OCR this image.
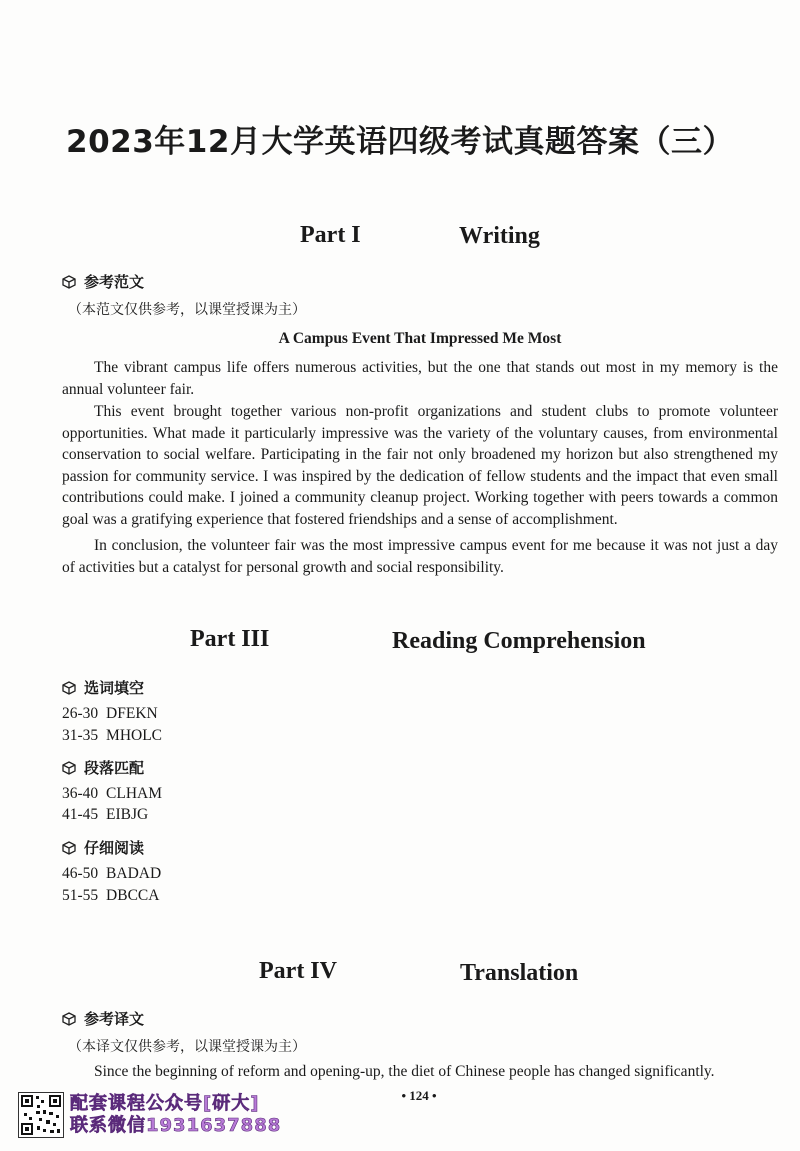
2023年12月大学英语四级考试真题答案（三）
Part I	Writing
参考范文
（本范文仅供参考，以课堂授课为主）
A Campus Event That Impressed Me Most
The vibrant campus life offers numerous activities, but the one that stands out most in my memory is the annual volunteer fair.
This event brought together various non-profit organizations and student clubs to promote volunteer opportunities. What made it particularly impressive was the variety of the voluntary causes, from environmental conservation to social welfare. Participating in the fair not only broadened my horizon but also strengthened my passion for community service. I was inspired by the dedication of fellow students and the impact that even small contributions could make. I joined a community cleanup project. Working together with peers towards a common goal was a gratifying experience that fostered friendships and a sense of accomplishment.
In conclusion, the volunteer fair was the most impressive campus event for me because it was not just a day of activities but a catalyst for personal growth and social responsibility.
Part III	Reading Comprehension
选词填空
26-30 DFEKN
31-35 MHOLC
段落匹配
36-40 CLHAM
41-45 EIBJG
仔细阅读
46-50 BADAD
51-55 DBCCA
Part IV	Translation
参考译文
（本译文仅供参考，以课堂授课为主）
Since the beginning of reform and opening-up, the diet of Chinese people has changed significantly.
• 124 •
配套课程公众号[研大]
联系微信1931637888
